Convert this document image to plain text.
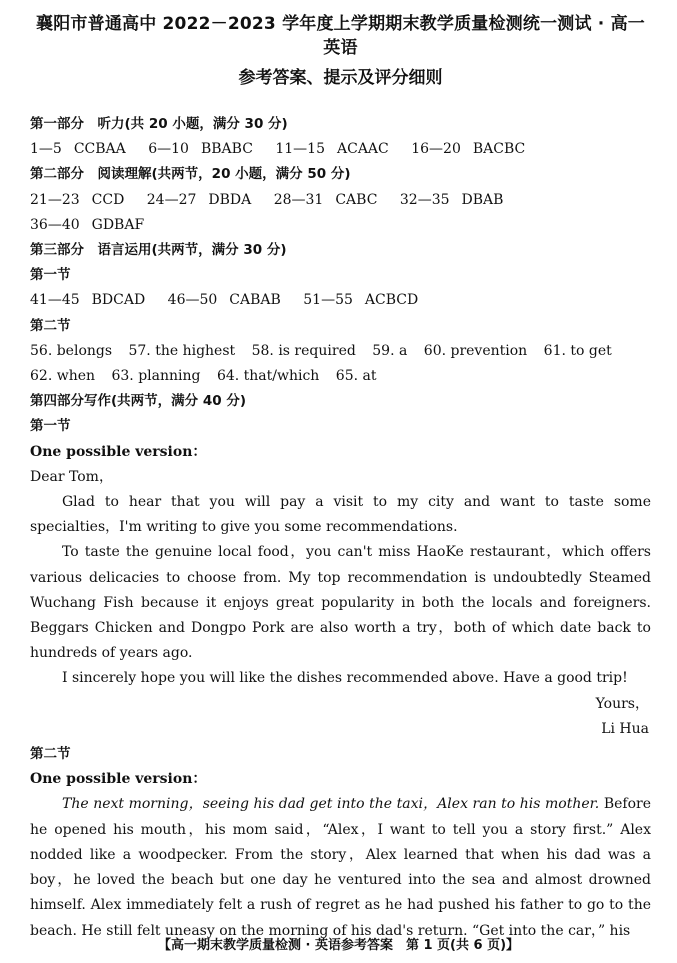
襄阳市普通高中 2022－2023 学年度上学期期末教学质量检测统一测试 · 高一英语
参考答案、提示及评分细则
第一部分　听力(共 20 小题，满分 30 分)
1—5 CCBAA 6—10 BBABC 11—15 ACAAC 16—20 BACBC
第二部分　阅读理解(共两节，20 小题，满分 50 分)
21—23 CCD 24—27 DBDA 28—31 CABC 32—35 DBAB
36—40 GDBAF
第三部分　语言运用(共两节，满分 30 分)
第一节
41—45 BDCAD 46—50 CABAB 51—55 ACBCD
第二节
56. belongs 57. the highest 58. is required 59. a 60. prevention 61. to get
62. when 63. planning 64. that/which 65. at
第四部分写作(共两节，满分 40 分)
第一节
One possible version：
Dear Tom，
Glad to hear that you will pay a visit to my city and want to taste some specialties，I'm writing to give you some recommendations.
To taste the genuine local food，you can't miss HaoKe restaurant，which offers various delicacies to choose from. My top recommendation is undoubtedly Steamed Wuchang Fish because it enjoys great popularity in both the locals and foreigners. Beggars Chicken and Dongpo Pork are also worth a try，both of which date back to hundreds of years ago.
I sincerely hope you will like the dishes recommended above. Have a good trip!
Yours，
Li Hua
第二节
One possible version：
The next morning，seeing his dad get into the taxi，Alex ran to his mother. Before he opened his mouth，his mom said，“Alex，I want to tell you a story first.” Alex nodded like a woodpecker. From the story，Alex learned that when his dad was a boy，he loved the beach but one day he ventured into the sea and almost drowned himself. Alex immediately felt a rush of regret as he had pushed his father to go to the beach. He still felt uneasy on the morning of his dad's return. “Get into the car，” his
【高一期末教学质量检测 · 英语参考答案　第 1 页(共 6 页)】
